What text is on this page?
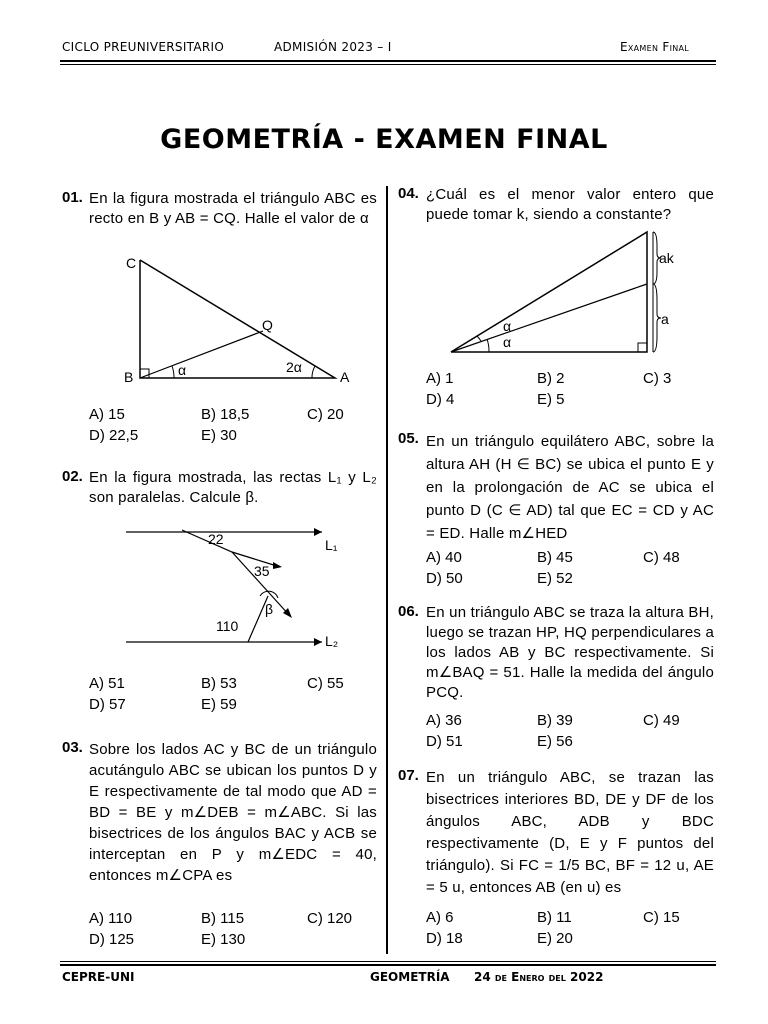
CICLO PREUNIVERSITARIO	ADMISIÓN 2023 – I	Examen Final
GEOMETRÍA - EXAMEN FINAL
01. En la figura mostrada el triángulo ABC es recto en B y AB = CQ. Halle el valor de α
C
Q
B	A
α	2α
A) 15	B) 18,5	C) 20
D) 22,5	E) 30
02. En la figura mostrada, las rectas L₁ y L₂ son paralelas. Calcule β.
22
35
β
110
L₁
L₂
A) 51	B) 53	C) 55
D) 57	E) 59
03. Sobre los lados AC y BC de un triángulo acutángulo ABC se ubican los puntos D y E respectivamente de tal modo que AD = BD = BE y m∠DEB = m∠ABC. Si las bisectrices de los ángulos BAC y ACB se interceptan en P y m∠EDC = 40, entonces m∠CPA es
A) 110	B) 115	C) 120
D) 125	E) 130
04. ¿Cuál es el menor valor entero que puede tomar k, siendo a constante?
ak
a
α
α
A) 1	B) 2	C) 3
D) 4	E) 5
05. En un triángulo equilátero ABC, sobre la altura AH (H ∈ BC) se ubica el punto E y en la prolongación de AC se ubica el punto D (C ∈ AD) tal que EC = CD y AC = ED. Halle m∠HED
A) 40	B) 45	C) 48
D) 50	E) 52
06. En un triángulo ABC se traza la altura BH, luego se trazan HP, HQ perpendiculares a los lados AB y BC respectivamente. Si m∠BAQ = 51. Halle la medida del ángulo PCQ.
A) 36	B) 39	C) 49
D) 51	E) 56
07. En un triángulo ABC, se trazan las bisectrices interiores BD, DE y DF de los ángulos ABC, ADB y BDC respectivamente (D, E y F puntos del triángulo). Si FC = 1/5 BC, BF = 12 u, AE = 5 u, entonces AB (en u) es
A) 6	B) 11	C) 15
D) 18	E) 20
CEPRE-UNI	GEOMETRÍA 24 de Enero del 2022
